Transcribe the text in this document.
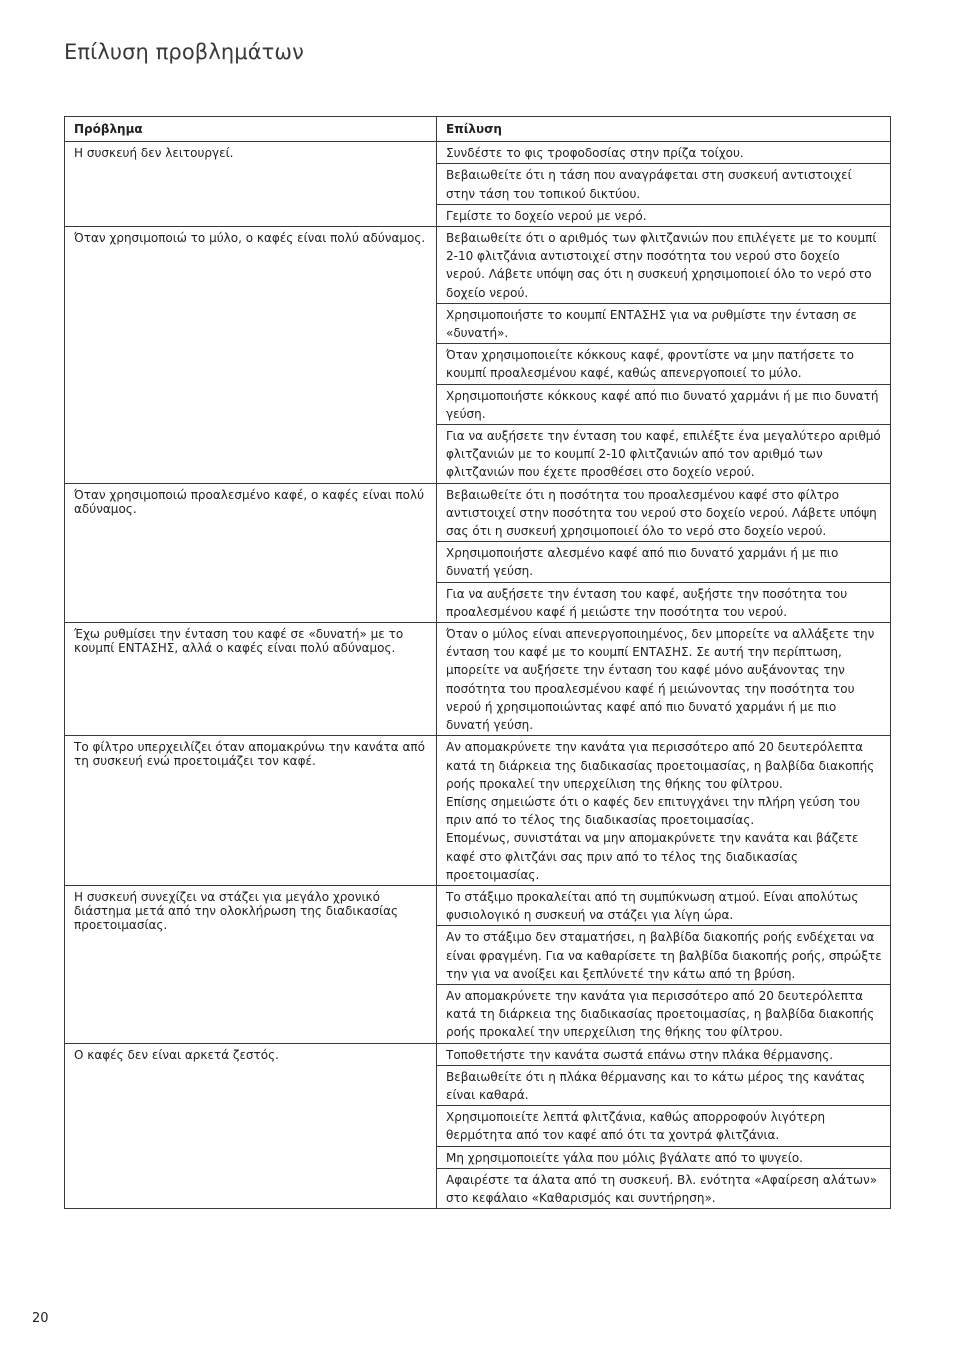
Επίλυση προβλημάτων
Πρόβλημα	Επίλυση
Η συσκευή δεν λειτουργεί.	Συνδέστε το φις τροφοδοσίας στην πρίζα τοίχου.
	Βεβαιωθείτε ότι η τάση που αναγράφεται στη συσκευή αντιστοιχεί στην τάση του τοπικού δικτύου.
	Γεμίστε το δοχείο νερού με νερό.
Όταν χρησιμοποιώ το μύλο, ο καφές είναι πολύ αδύναμος.	Βεβαιωθείτε ότι ο αριθμός των φλιτζανιών που επιλέγετε με το κουμπί 2-10 φλιτζάνια αντιστοιχεί στην ποσότητα του νερού στο δοχείο νερού. Λάβετε υπόψη σας ότι η συσκευή χρησιμοποιεί όλο το νερό στο δοχείο νερού.
	Χρησιμοποιήστε το κουμπί ΕΝΤΑΣΗΣ για να ρυθμίστε την ένταση σε «δυνατή».
	Όταν χρησιμοποιείτε κόκκους καφέ, φροντίστε να μην πατήσετε το κουμπί προαλεσμένου καφέ, καθώς απενεργοποιεί το μύλο.
	Χρησιμοποιήστε κόκκους καφέ από πιο δυνατό χαρμάνι ή με πιο δυνατή γεύση.
	Για να αυξήσετε την ένταση του καφέ, επιλέξτε ένα μεγαλύτερο αριθμό φλιτζανιών με το κουμπί 2-10 φλιτζανιών από τον αριθμό των φλιτζανιών που έχετε προσθέσει στο δοχείο νερού.
Όταν χρησιμοποιώ προαλεσμένο καφέ, ο καφές είναι πολύ αδύναμος.	Βεβαιωθείτε ότι η ποσότητα του προαλεσμένου καφέ στο φίλτρο αντιστοιχεί στην ποσότητα του νερού στο δοχείο νερού. Λάβετε υπόψη σας ότι η συσκευή χρησιμοποιεί όλο το νερό στο δοχείο νερού.
	Χρησιμοποιήστε αλεσμένο καφέ από πιο δυνατό χαρμάνι ή με πιο δυνατή γεύση.
	Για να αυξήσετε την ένταση του καφέ, αυξήστε την ποσότητα του προαλεσμένου καφέ ή μειώστε την ποσότητα του νερού.
Έχω ρυθμίσει την ένταση του καφέ σε «δυνατή» με το κουμπί ΕΝΤΑΣΗΣ, αλλά ο καφές είναι πολύ αδύναμος.	Όταν ο μύλος είναι απενεργοποιημένος, δεν μπορείτε να αλλάξετε την ένταση του καφέ με το κουμπί ΕΝΤΑΣΗΣ. Σε αυτή την περίπτωση, μπορείτε να αυξήσετε την ένταση του καφέ μόνο αυξάνοντας την ποσότητα του προαλεσμένου καφέ ή μειώνοντας την ποσότητα του νερού ή χρησιμοποιώντας καφέ από πιο δυνατό χαρμάνι ή με πιο δυνατή γεύση.
Το φίλτρο υπερχειλίζει όταν απομακρύνω την κανάτα από τη συσκευή ενώ προετοιμάζει τον καφέ.	Αν απομακρύνετε την κανάτα για περισσότερο από 20 δευτερόλεπτα κατά τη διάρκεια της διαδικασίας προετοιμασίας, η βαλβίδα διακοπής ροής προκαλεί την υπερχείλιση της θήκης του φίλτρου.
Επίσης σημειώστε ότι ο καφές δεν επιτυγχάνει την πλήρη γεύση του πριν από το τέλος της διαδικασίας προετοιμασίας.
Επομένως, συνιστάται να μην απομακρύνετε την κανάτα και βάζετε καφέ στο φλιτζάνι σας πριν από το τέλος της διαδικασίας προετοιμασίας.
Η συσκευή συνεχίζει να στάζει για μεγάλο χρονικό διάστημα μετά από την ολοκλήρωση της διαδικασίας προετοιμασίας.	Το στάξιμο προκαλείται από τη συμπύκνωση ατμού. Είναι απολύτως φυσιολογικό η συσκευή να στάζει για λίγη ώρα.
	Αν το στάξιμο δεν σταματήσει, η βαλβίδα διακοπής ροής ενδέχεται να είναι φραγμένη. Για να καθαρίσετε τη βαλβίδα διακοπής ροής, σπρώξτε την για να ανοίξει και ξεπλύνετέ την κάτω από τη βρύση.
	Αν απομακρύνετε την κανάτα για περισσότερο από 20 δευτερόλεπτα κατά τη διάρκεια της διαδικασίας προετοιμασίας, η βαλβίδα διακοπής ροής προκαλεί την υπερχείλιση της θήκης του φίλτρου.
Ο καφές δεν είναι αρκετά ζεστός.	Τοποθετήστε την κανάτα σωστά επάνω στην πλάκα θέρμανσης.
	Βεβαιωθείτε ότι η πλάκα θέρμανσης και το κάτω μέρος της κανάτας είναι καθαρά.
	Χρησιμοποιείτε λεπτά φλιτζάνια, καθώς απορροφούν λιγότερη θερμότητα από τον καφέ από ότι τα χοντρά φλιτζάνια.
	Μη χρησιμοποιείτε γάλα που μόλις βγάλατε από το ψυγείο.
	Αφαιρέστε τα άλατα από τη συσκευή. Βλ. ενότητα «Αφαίρεση αλάτων» στο κεφάλαιο «Καθαρισμός και συντήρηση».
20
